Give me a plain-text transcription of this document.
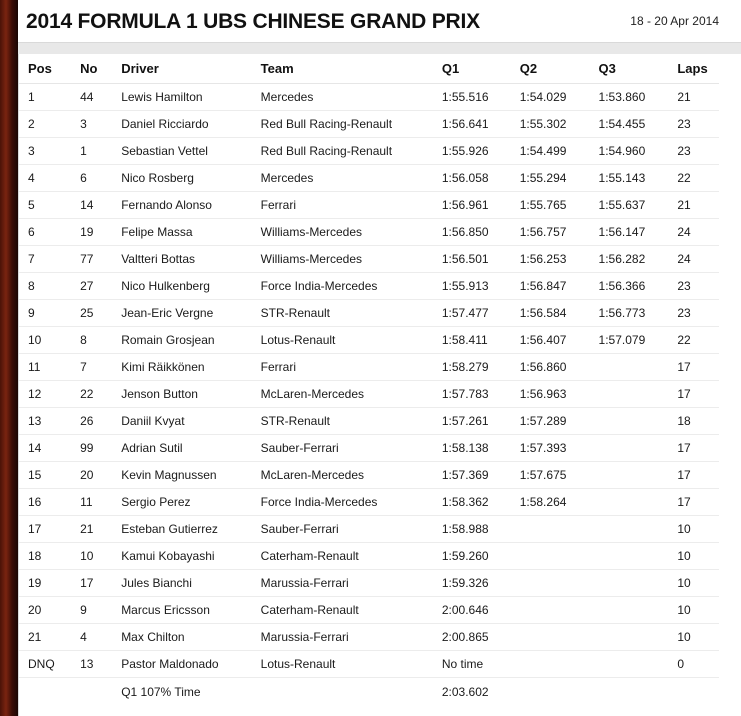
2014 FORMULA 1 UBS CHINESE GRAND PRIX	18 - 20 Apr 2014
Pos	No	Driver	Team	Q1	Q2	Q3	Laps
1	44	Lewis Hamilton	Mercedes	1:55.516	1:54.029	1:53.860	21
2	3	Daniel Ricciardo	Red Bull Racing-Renault	1:56.641	1:55.302	1:54.455	23
3	1	Sebastian Vettel	Red Bull Racing-Renault	1:55.926	1:54.499	1:54.960	23
4	6	Nico Rosberg	Mercedes	1:56.058	1:55.294	1:55.143	22
5	14	Fernando Alonso	Ferrari	1:56.961	1:55.765	1:55.637	21
6	19	Felipe Massa	Williams-Mercedes	1:56.850	1:56.757	1:56.147	24
7	77	Valtteri Bottas	Williams-Mercedes	1:56.501	1:56.253	1:56.282	24
8	27	Nico Hulkenberg	Force India-Mercedes	1:55.913	1:56.847	1:56.366	23
9	25	Jean-Eric Vergne	STR-Renault	1:57.477	1:56.584	1:56.773	23
10	8	Romain Grosjean	Lotus-Renault	1:58.411	1:56.407	1:57.079	22
11	7	Kimi Räikkönen	Ferrari	1:58.279	1:56.860		17
12	22	Jenson Button	McLaren-Mercedes	1:57.783	1:56.963		17
13	26	Daniil Kvyat	STR-Renault	1:57.261	1:57.289		18
14	99	Adrian Sutil	Sauber-Ferrari	1:58.138	1:57.393		17
15	20	Kevin Magnussen	McLaren-Mercedes	1:57.369	1:57.675		17
16	11	Sergio Perez	Force India-Mercedes	1:58.362	1:58.264		17
17	21	Esteban Gutierrez	Sauber-Ferrari	1:58.988			10
18	10	Kamui Kobayashi	Caterham-Renault	1:59.260			10
19	17	Jules Bianchi	Marussia-Ferrari	1:59.326			10
20	9	Marcus Ericsson	Caterham-Renault	2:00.646			10
21	4	Max Chilton	Marussia-Ferrari	2:00.865			10
DNQ	13	Pastor Maldonado	Lotus-Renault	No time			0
		Q1 107% Time		2:03.602			
